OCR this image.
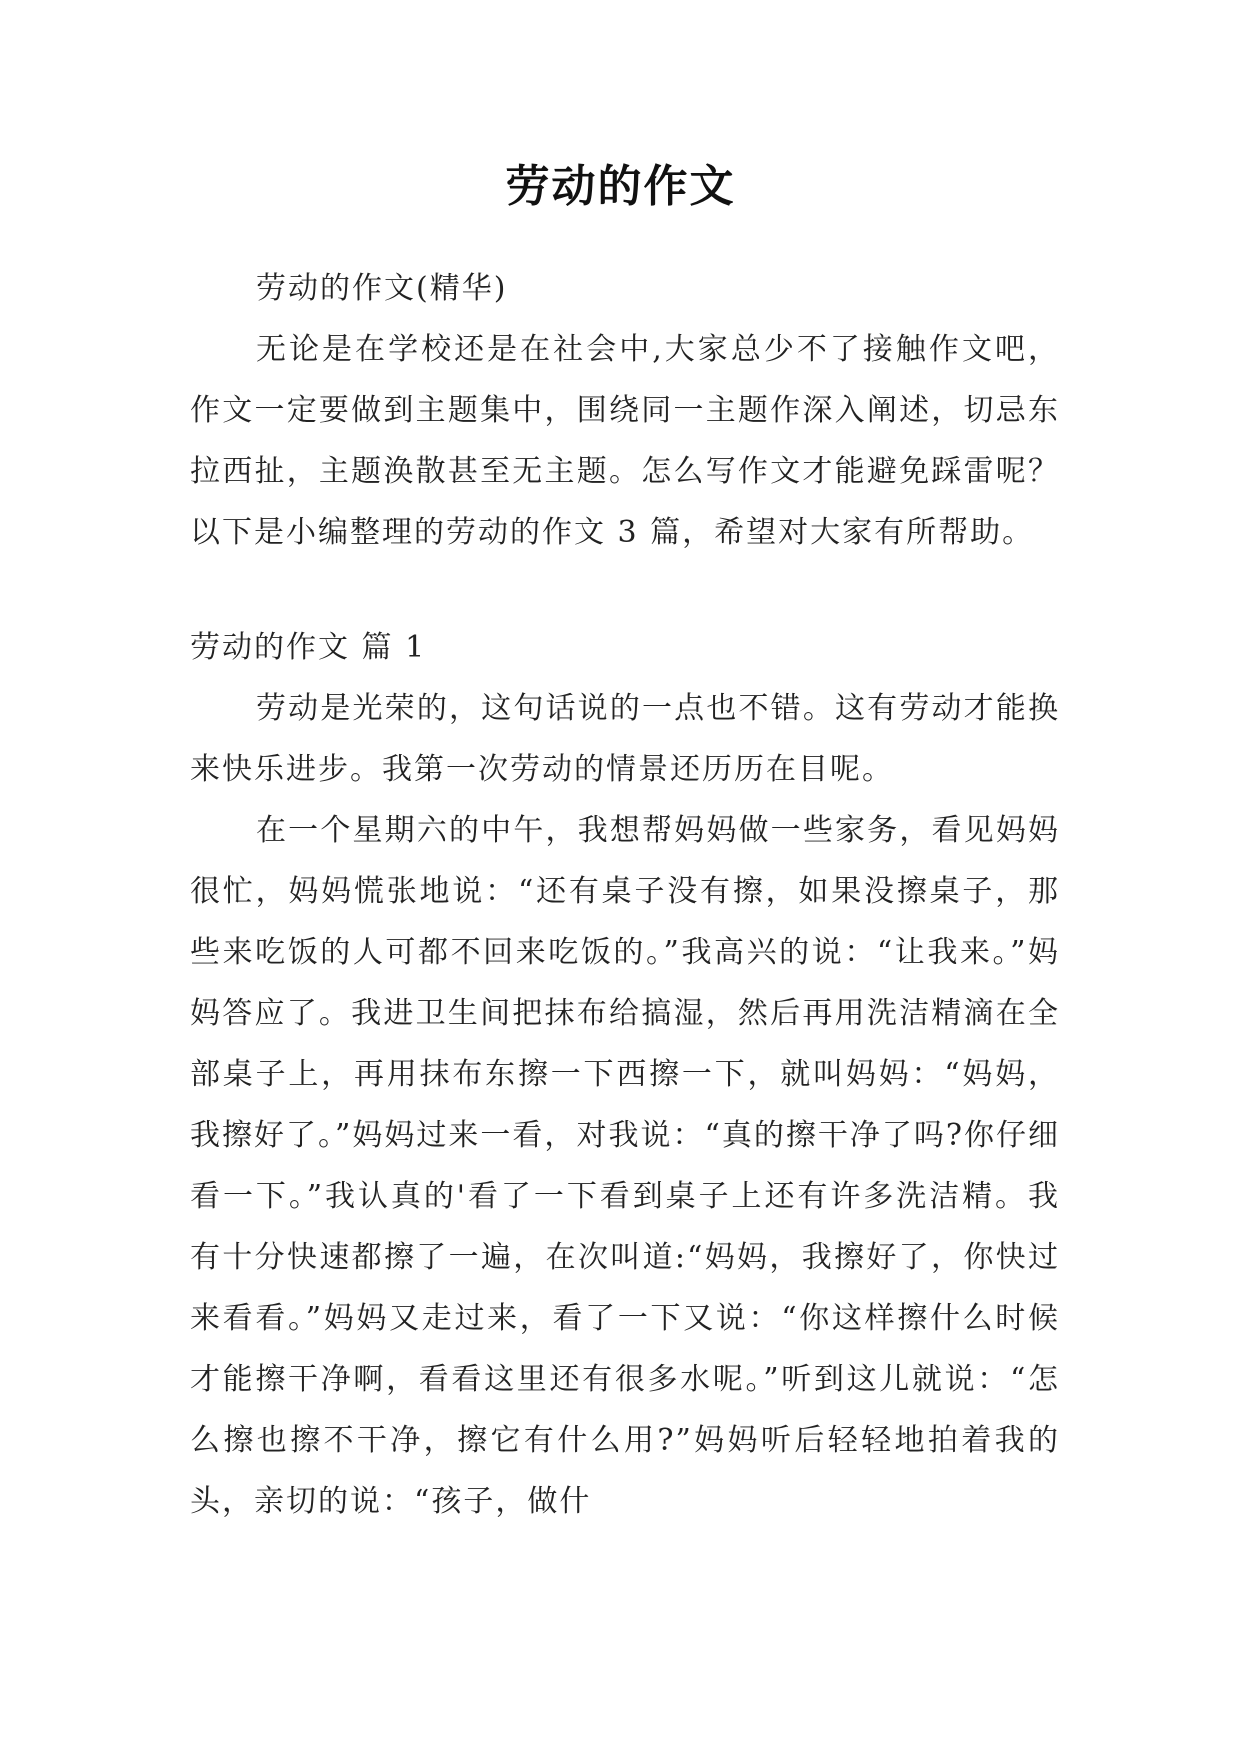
劳动的作文

劳动的作文(精华)

无论是在学校还是在社会中,大家总少不了接触作文吧，作文一定要做到主题集中，围绕同一主题作深入阐述，切忌东拉西扯，主题涣散甚至无主题。怎么写作文才能避免踩雷呢？以下是小编整理的劳动的作文 3 篇，希望对大家有所帮助。

劳动的作文 篇 1

劳动是光荣的，这句话说的一点也不错。这有劳动才能换来快乐进步。我第一次劳动的情景还历历在目呢。

在一个星期六的中午，我想帮妈妈做一些家务，看见妈妈很忙，妈妈慌张地说：“还有桌子没有擦，如果没擦桌子，那些来吃饭的人可都不回来吃饭的。”我高兴的说：“让我来。”妈妈答应了。我进卫生间把抹布给搞湿，然后再用洗洁精滴在全部桌子上，再用抹布东擦一下西擦一下，就叫妈妈：“妈妈，我擦好了。”妈妈过来一看，对我说：“真的擦干净了吗?你仔细看一下。”我认真的'看了一下看到桌子上还有许多洗洁精。我有十分快速都擦了一遍，在次叫道:“妈妈，我擦好了，你快过来看看。”妈妈又走过来，看了一下又说：“你这样擦什么时候才能擦干净啊，看看这里还有很多水呢。”听到这儿就说：“怎么擦也擦不干净，擦它有什么用?”妈妈听后轻轻地拍着我的头，亲切的说：“孩子，做什
